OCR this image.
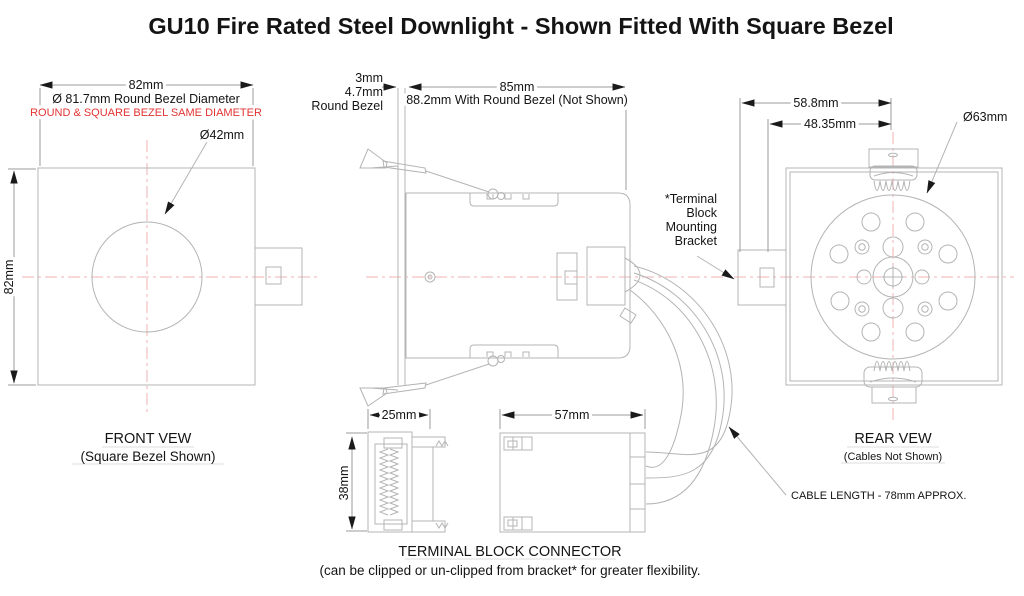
GU10 Fire Rated Steel Downlight - Shown Fitted With Square Bezel
82mm
Ø 81.7mm Round Bezel Diameter
ROUND & SQUARE BEZEL SAME DIAMETER
Ø42mm
82mm
FRONT VEW
(Square Bezel Shown)
3mm
4.7mm
Round Bezel
85mm
88.2mm With Round Bezel (Not Shown)
*Terminal
Block
Mounting
Bracket
CABLE LENGTH - 78mm APPROX.
58.8mm
48.35mm	Ø63mm
REAR VEW
(Cables Not Shown)
25mm
38mm
57mm
TERMINAL BLOCK CONNECTOR
(can be clipped or un-clipped from bracket* for greater flexibility.
